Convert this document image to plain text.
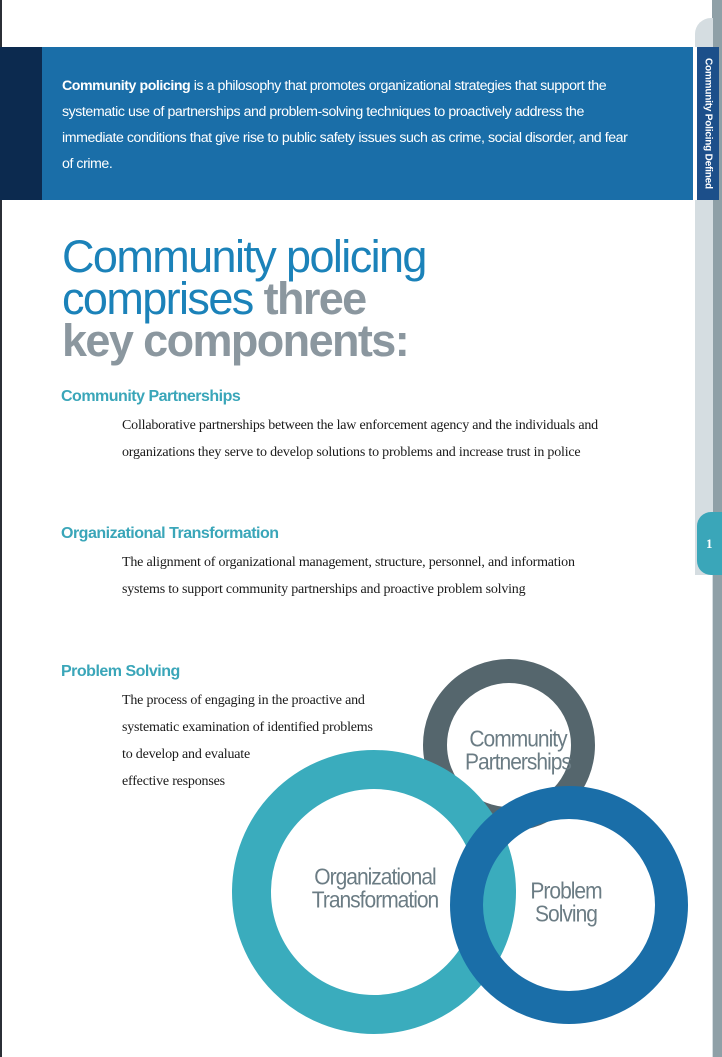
Community Policing Defined
1
Community policing is a philosophy that promotes organizational strategies that support the systematic use of partnerships and problem-solving techniques to proactively address the immediate conditions that give rise to public safety issues such as crime, social disorder, and fear of crime.
Community policing
comprises three
key components:
Community Partnerships
Collaborative partnerships between the law enforcement agency and the individuals and organizations they serve to develop solutions to problems and increase trust in police
Organizational Transformation
The alignment of organizational management, structure, personnel, and information systems to support community partnerships and proactive problem solving
Problem Solving
The process of engaging in the proactive and
systematic examination of identified problems
to develop and evaluate
effective responses
Community
Partnerships
Organizational
Transformation	Problem
Solving
